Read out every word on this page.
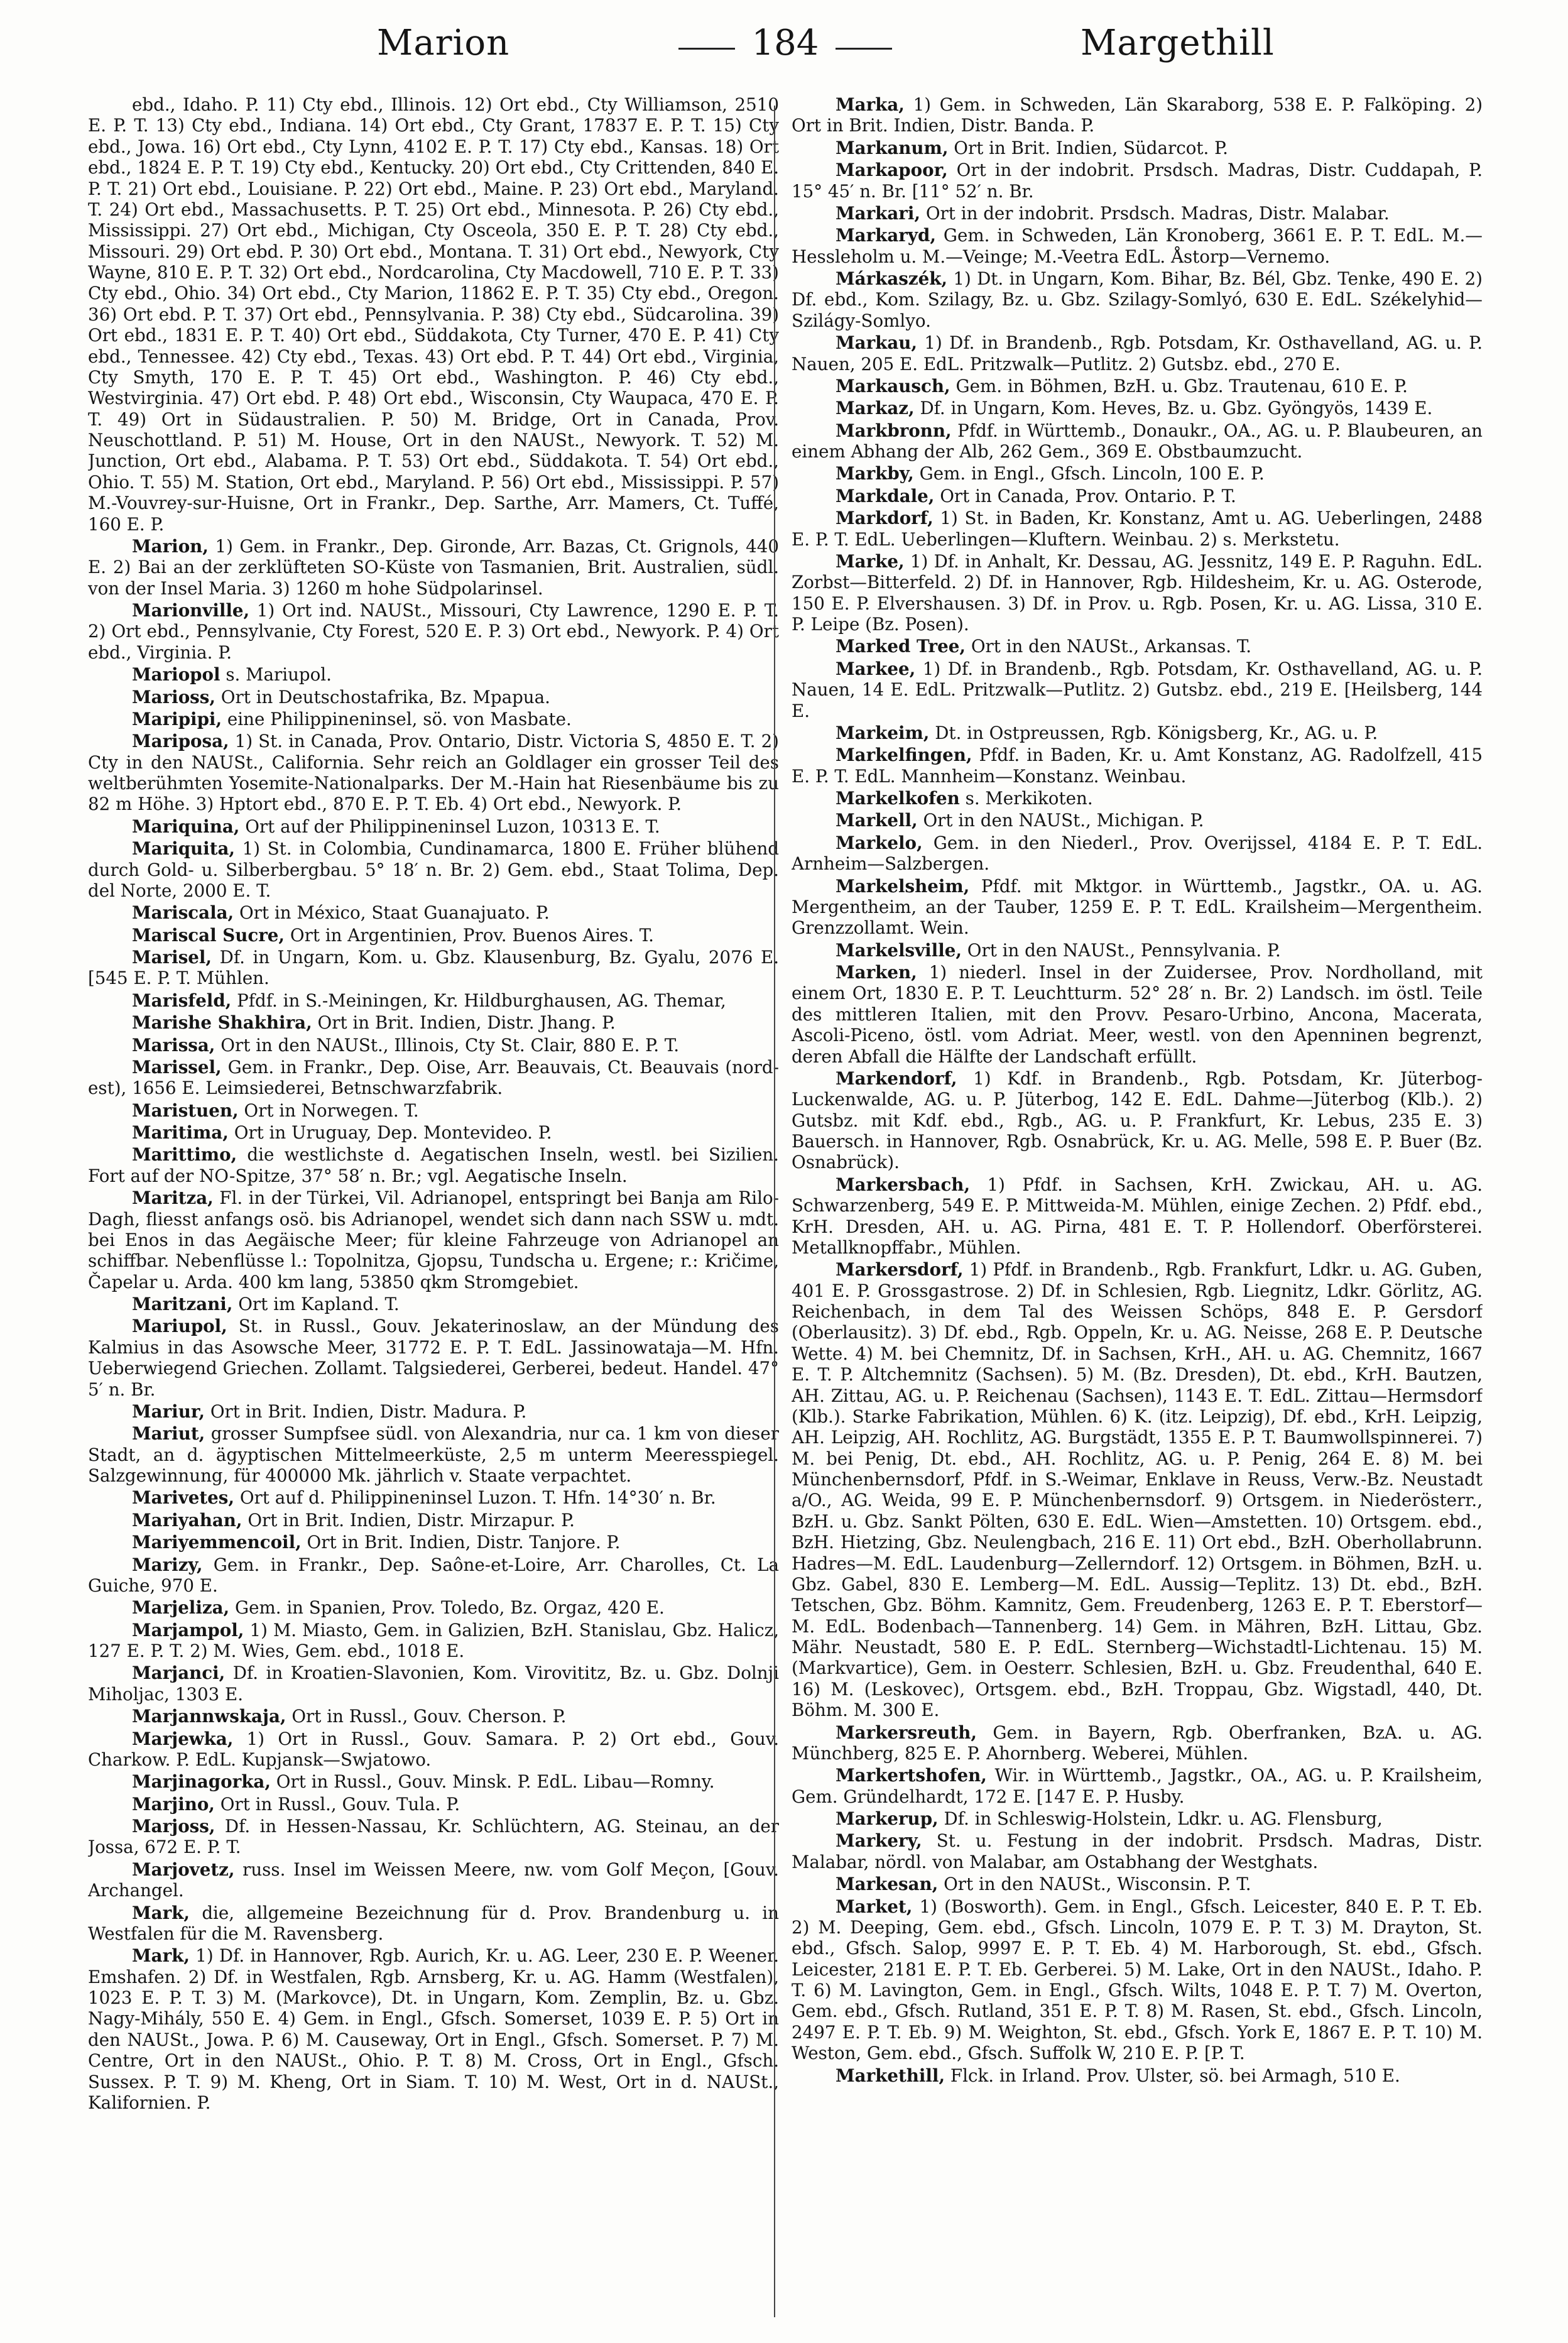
Marion	184	Margethill

ebd., Idaho. P. 11) Cty ebd., Illinois. 12) Ort ebd., Cty Williamson, 2510 E. P. T. 13) Cty ebd., Indiana. 14) Ort ebd., Cty Grant, 17837 E. P. T. 15) Cty ebd., Jowa. 16) Ort ebd., Cty Lynn, 4102 E. P. T. 17) Cty ebd., Kansas. 18) Ort ebd., 1824 E. P. T. 19) Cty ebd., Kentucky. 20) Ort ebd., Cty Crittenden, 840 E. P. T. 21) Ort ebd., Louisiane. P. 22) Ort ebd., Maine. P. 23) Ort ebd., Maryland. T. 24) Ort ebd., Massachusetts. P. T. 25) Ort ebd., Minnesota. P. 26) Cty ebd., Mississippi. 27) Ort ebd., Michigan, Cty Osceola, 350 E. P. T. 28) Cty ebd., Missouri. 29) Ort ebd. P. 30) Ort ebd., Montana. T. 31) Ort ebd., Newyork, Cty Wayne, 810 E. P. T. 32) Ort ebd., Nordcarolina, Cty Macdowell, 710 E. P. T. 33) Cty ebd., Ohio. 34) Ort ebd., Cty Marion, 11862 E. P. T. 35) Cty ebd., Oregon. 36) Ort ebd. P. T. 37) Ort ebd., Pennsylvania. P. 38) Cty ebd., Südcarolina. 39) Ort ebd., 1831 E. P. T. 40) Ort ebd., Süddakota, Cty Turner, 470 E. P. 41) Cty ebd., Tennessee. 42) Cty ebd., Texas. 43) Ort ebd. P. T. 44) Ort ebd., Virginia, Cty Smyth, 170 E. P. T. 45) Ort ebd., Washington. P. 46) Cty ebd., Westvirginia. 47) Ort ebd. P. 48) Ort ebd., Wisconsin, Cty Waupaca, 470 E. P. T. 49) Ort in Südaustralien. P. 50) M. Bridge, Ort in Canada, Prov. Neuschottland. P. 51) M. House, Ort in den NAUSt., Newyork. T. 52) M. Junction, Ort ebd., Alabama. P. T. 53) Ort ebd., Süddakota. T. 54) Ort ebd., Ohio. T. 55) M. Station, Ort ebd., Maryland. P. 56) Ort ebd., Mississippi. P. 57) M.-Vouvrey-sur-Huisne, Ort in Frankr., Dep. Sarthe, Arr. Mamers, Ct. Tuffé, 160 E. P.

Marion, 1) Gem. in Frankr., Dep. Gironde, Arr. Bazas, Ct. Grignols, 440 E. 2) Bai an der zerklüfteten SO-Küste von Tasmanien, Brit. Australien, südl. von der Insel Maria. 3) 1260 m hohe Südpolarinsel.

Marionville, 1) Ort ind. NAUSt., Missouri, Cty Lawrence, 1290 E. P. T. 2) Ort ebd., Pennsylvanie, Cty Forest, 520 E. P. 3) Ort ebd., Newyork. P. 4) Ort ebd., Virginia. P.

Mariopol s. Mariupol.

Marioss, Ort in Deutschostafrika, Bz. Mpapua.

Maripipi, eine Philippineninsel, sö. von Masbate.

Mariposa, 1) St. in Canada, Prov. Ontario, Distr. Victoria S, 4850 E. T. 2) Cty in den NAUSt., California. Sehr reich an Goldlager ein grosser Teil des weltberühmten Yosemite-Nationalparks. Der M.-Hain hat Riesenbäume bis zu 82 m Höhe. 3) Hptort ebd., 870 E. P. T. Eb. 4) Ort ebd., Newyork. P.

Mariquina, Ort auf der Philippineninsel Luzon, 10313 E. T.

Mariquita, 1) St. in Colombia, Cundinamarca, 1800 E. Früher blühend durch Gold- u. Silberbergbau. 5° 18′ n. Br. 2) Gem. ebd., Staat Tolima, Dep. del Norte, 2000 E. T.

Mariscala, Ort in México, Staat Guanajuato. P.

Mariscal Sucre, Ort in Argentinien, Prov. Buenos Aires. T.

Marisel, Df. in Ungarn, Kom. u. Gbz. Klausenburg, Bz. Gyalu, 2076 E. [545 E. P. T. Mühlen.

Marisfeld, Pfdf. in S.-Meiningen, Kr. Hildburghausen, AG. Themar,

Marishe Shakhira, Ort in Brit. Indien, Distr. Jhang. P.

Marissa, Ort in den NAUSt., Illinois, Cty St. Clair, 880 E. P. T.

Marissel, Gem. in Frankr., Dep. Oise, Arr. Beauvais, Ct. Beauvais (nord-est), 1656 E. Leimsiederei, Betnschwarzfabrik.

Maristuen, Ort in Norwegen. T.

Maritima, Ort in Uruguay, Dep. Montevideo. P.

Marittimo, die westlichste d. Aegatischen Inseln, westl. bei Sizilien. Fort auf der NO-Spitze, 37° 58′ n. Br.; vgl. Aegatische Inseln.

Maritza, Fl. in der Türkei, Vil. Adrianopel, entspringt bei Banja am Rilo-Dagh, fliesst anfangs osö. bis Adrianopel, wendet sich dann nach SSW u. mdt. bei Enos in das Aegäische Meer; für kleine Fahrzeuge von Adrianopel an schiffbar. Nebenflüsse l.: Topolnitza, Gjopsu, Tundscha u. Ergene; r.: Kričime, Čapelar u. Arda. 400 km lang, 53850 qkm Stromgebiet.

Maritzani, Ort im Kapland. T.

Mariupol, St. in Russl., Gouv. Jekaterinoslaw, an der Mündung des Kalmius in das Asowsche Meer, 31772 E. P. T. EdL. Jassinowataja—M. Hfn. Ueberwiegend Griechen. Zollamt. Talgsiederei, Gerberei, bedeut. Handel. 47° 5′ n. Br.

Mariur, Ort in Brit. Indien, Distr. Madura. P.

Mariut, grosser Sumpfsee südl. von Alexandria, nur ca. 1 km von dieser Stadt, an d. ägyptischen Mittelmeerküste, 2,5 m unterm Meeresspiegel. Salzgewinnung, für 400000 Mk. jährlich v. Staate verpachtet.

Marivetes, Ort auf d. Philippineninsel Luzon. T. Hfn. 14°30′ n. Br.

Mariyahan, Ort in Brit. Indien, Distr. Mirzapur. P.

Mariyemmencoil, Ort in Brit. Indien, Distr. Tanjore. P.

Marizy, Gem. in Frankr., Dep. Saône-et-Loire, Arr. Charolles, Ct. La Guiche, 970 E.

Marjeliza, Gem. in Spanien, Prov. Toledo, Bz. Orgaz, 420 E.

Marjampol, 1) M. Miasto, Gem. in Galizien, BzH. Stanislau, Gbz. Halicz, 127 E. P. T. 2) M. Wies, Gem. ebd., 1018 E.

Marjanci, Df. in Kroatien-Slavonien, Kom. Virovititz, Bz. u. Gbz. Dolnji Miholjac, 1303 E.

Marjannwskaja, Ort in Russl., Gouv. Cherson. P.

Marjewka, 1) Ort in Russl., Gouv. Samara. P. 2) Ort ebd., Gouv. Charkow. P. EdL. Kupjansk—Swjatowo.

Marjinagorka, Ort in Russl., Gouv. Minsk. P. EdL. Libau—Romny.

Marjino, Ort in Russl., Gouv. Tula. P.

Marjoss, Df. in Hessen-Nassau, Kr. Schlüchtern, AG. Steinau, an der Jossa, 672 E. P. T.

Marjovetz, russ. Insel im Weissen Meere, nw. vom Golf Meçon, [Gouv. Archangel.

Mark, die, allgemeine Bezeichnung für d. Prov. Brandenburg u. in Westfalen für die M. Ravensberg.

Mark, 1) Df. in Hannover, Rgb. Aurich, Kr. u. AG. Leer, 230 E. P. Weener. Emshafen. 2) Df. in Westfalen, Rgb. Arnsberg, Kr. u. AG. Hamm (Westfalen), 1023 E. P. T. 3) M. (Markovce), Dt. in Ungarn, Kom. Zemplin, Bz. u. Gbz. Nagy-Mihály, 550 E. 4) Gem. in Engl., Gfsch. Somerset, 1039 E. P. 5) Ort in den NAUSt., Jowa. P. 6) M. Causeway, Ort in Engl., Gfsch. Somerset. P. 7) M. Centre, Ort in den NAUSt., Ohio. P. T. 8) M. Cross, Ort in Engl., Gfsch. Sussex. P. T. 9) M. Kheng, Ort in Siam. T. 10) M. West, Ort in d. NAUSt., Kalifornien. P.

Marka, 1) Gem. in Schweden, Län Skaraborg, 538 E. P. Falköping. 2) Ort in Brit. Indien, Distr. Banda. P.

Markanum, Ort in Brit. Indien, Südarcot. P.

Markapoor, Ort in der indobrit. Prsdsch. Madras, Distr. Cuddapah, P. 15° 45′ n. Br. [11° 52′ n. Br.

Markari, Ort in der indobrit. Prsdsch. Madras, Distr. Malabar.

Markaryd, Gem. in Schweden, Län Kronoberg, 3661 E. P. T. EdL. M.—Hessleholm u. M.—Veinge; M.-Veetra EdL. Åstorp—Vernemo.

Márkaszék, 1) Dt. in Ungarn, Kom. Bihar, Bz. Bél, Gbz. Tenke, 490 E. 2) Df. ebd., Kom. Szilagy, Bz. u. Gbz. Szilagy-Somlyó, 630 E. EdL. Székelyhid—Szilágy-Somlyo.

Markau, 1) Df. in Brandenb., Rgb. Potsdam, Kr. Osthavelland, AG. u. P. Nauen, 205 E. EdL. Pritzwalk—Putlitz. 2) Gutsbz. ebd., 270 E.

Markausch, Gem. in Böhmen, BzH. u. Gbz. Trautenau, 610 E. P.

Markaz, Df. in Ungarn, Kom. Heves, Bz. u. Gbz. Gyöngyös, 1439 E.

Markbronn, Pfdf. in Württemb., Donaukr., OA., AG. u. P. Blaubeuren, an einem Abhang der Alb, 262 Gem., 369 E. Obstbaumzucht.

Markby, Gem. in Engl., Gfsch. Lincoln, 100 E. P.

Markdale, Ort in Canada, Prov. Ontario. P. T.

Markdorf, 1) St. in Baden, Kr. Konstanz, Amt u. AG. Ueberlingen, 2488 E. P. T. EdL. Ueberlingen—Kluftern. Weinbau. 2) s. Merkstetu.

Marke, 1) Df. in Anhalt, Kr. Dessau, AG. Jessnitz, 149 E. P. Raguhn. EdL. Zorbst—Bitterfeld. 2) Df. in Hannover, Rgb. Hildesheim, Kr. u. AG. Osterode, 150 E. P. Elvershausen. 3) Df. in Prov. u. Rgb. Posen, Kr. u. AG. Lissa, 310 E. P. Leipe (Bz. Posen).

Marked Tree, Ort in den NAUSt., Arkansas. T.

Markee, 1) Df. in Brandenb., Rgb. Potsdam, Kr. Osthavelland, AG. u. P. Nauen, 14 E. EdL. Pritzwalk—Putlitz. 2) Gutsbz. ebd., 219 E. [Heilsberg, 144 E.

Markeim, Dt. in Ostpreussen, Rgb. Königsberg, Kr., AG. u. P.

Markelfingen, Pfdf. in Baden, Kr. u. Amt Konstanz, AG. Radolfzell, 415 E. P. T. EdL. Mannheim—Konstanz. Weinbau.

Markelkofen s. Merkikoten.

Markell, Ort in den NAUSt., Michigan. P.

Markelo, Gem. in den Niederl., Prov. Overijssel, 4184 E. P. T. EdL. Arnheim—Salzbergen.

Markelsheim, Pfdf. mit Mktgor. in Württemb., Jagstkr., OA. u. AG. Mergentheim, an der Tauber, 1259 E. P. T. EdL. Krailsheim—Mergentheim. Grenzzollamt. Wein.

Markelsville, Ort in den NAUSt., Pennsylvania. P.

Marken, 1) niederl. Insel in der Zuidersee, Prov. Nordholland, mit einem Ort, 1830 E. P. T. Leuchtturm. 52° 28′ n. Br. 2) Landsch. im östl. Teile des mittleren Italien, mit den Provv. Pesaro-Urbino, Ancona, Macerata, Ascoli-Piceno, östl. vom Adriat. Meer, westl. von den Apenninen begrenzt, deren Abfall die Hälfte der Landschaft erfüllt.

Markendorf, 1) Kdf. in Brandenb., Rgb. Potsdam, Kr. Jüterbog-Luckenwalde, AG. u. P. Jüterbog, 142 E. EdL. Dahme—Jüterbog (Klb.). 2) Gutsbz. mit Kdf. ebd., Rgb., AG. u. P. Frankfurt, Kr. Lebus, 235 E. 3) Bauersch. in Hannover, Rgb. Osnabrück, Kr. u. AG. Melle, 598 E. P. Buer (Bz. Osnabrück).

Markersbach, 1) Pfdf. in Sachsen, KrH. Zwickau, AH. u. AG. Schwarzenberg, 549 E. P. Mittweida-M. Mühlen, einige Zechen. 2) Pfdf. ebd., KrH. Dresden, AH. u. AG. Pirna, 481 E. T. P. Hollendorf. Oberförsterei. Metallknopffabr., Mühlen.

Markersdorf, 1) Pfdf. in Brandenb., Rgb. Frankfurt, Ldkr. u. AG. Guben, 401 E. P. Grossgastrose. 2) Df. in Schlesien, Rgb. Liegnitz, Ldkr. Görlitz, AG. Reichenbach, in dem Tal des Weissen Schöps, 848 E. P. Gersdorf (Oberlausitz). 3) Df. ebd., Rgb. Oppeln, Kr. u. AG. Neisse, 268 E. P. Deutsche Wette. 4) M. bei Chemnitz, Df. in Sachsen, KrH., AH. u. AG. Chemnitz, 1667 E. T. P. Altchemnitz (Sachsen). 5) M. (Bz. Dresden), Dt. ebd., KrH. Bautzen, AH. Zittau, AG. u. P. Reichenau (Sachsen), 1143 E. T. EdL. Zittau—Hermsdorf (Klb.). Starke Fabrikation, Mühlen. 6) K. (itz. Leipzig), Df. ebd., KrH. Leipzig, AH. Leipzig, AH. Rochlitz, AG. Burgstädt, 1355 E. P. T. Baumwollspinnerei. 7) M. bei Penig, Dt. ebd., AH. Rochlitz, AG. u. P. Penig, 264 E. 8) M. bei Münchenbernsdorf, Pfdf. in S.-Weimar, Enklave in Reuss, Verw.-Bz. Neustadt a/O., AG. Weida, 99 E. P. Münchenbernsdorf. 9) Ortsgem. in Niederösterr., BzH. u. Gbz. Sankt Pölten, 630 E. EdL. Wien—Amstetten. 10) Ortsgem. ebd., BzH. Hietzing, Gbz. Neulengbach, 216 E. 11) Ort ebd., BzH. Oberhollabrunn. Hadres—M. EdL. Laudenburg—Zellerndorf. 12) Ortsgem. in Böhmen, BzH. u. Gbz. Gabel, 830 E. Lemberg—M. EdL. Aussig—Teplitz. 13) Dt. ebd., BzH. Tetschen, Gbz. Böhm. Kamnitz, Gem. Freudenberg, 1263 E. P. T. Eberstorf—M. EdL. Bodenbach—Tannenberg. 14) Gem. in Mähren, BzH. Littau, Gbz. Mähr. Neustadt, 580 E. P. EdL. Sternberg—Wichstadtl-Lichtenau. 15) M. (Markvartice), Gem. in Oesterr. Schlesien, BzH. u. Gbz. Freudenthal, 640 E. 16) M. (Leskovec), Ortsgem. ebd., BzH. Troppau, Gbz. Wigstadl, 440, Dt. Böhm. M. 300 E.

Markersreuth, Gem. in Bayern, Rgb. Oberfranken, BzA. u. AG. Münchberg, 825 E. P. Ahornberg. Weberei, Mühlen.

Markertshofen, Wir. in Württemb., Jagstkr., OA., AG. u. P. Krailsheim, Gem. Gründelhardt, 172 E. [147 E. P. Husby.

Markerup, Df. in Schleswig-Holstein, Ldkr. u. AG. Flensburg,

Markery, St. u. Festung in der indobrit. Prsdsch. Madras, Distr. Malabar, nördl. von Malabar, am Ostabhang der Westghats.

Markesan, Ort in den NAUSt., Wisconsin. P. T.

Market, 1) (Bosworth). Gem. in Engl., Gfsch. Leicester, 840 E. P. T. Eb. 2) M. Deeping, Gem. ebd., Gfsch. Lincoln, 1079 E. P. T. 3) M. Drayton, St. ebd., Gfsch. Salop, 9997 E. P. T. Eb. 4) M. Harborough, St. ebd., Gfsch. Leicester, 2181 E. P. T. Eb. Gerberei. 5) M. Lake, Ort in den NAUSt., Idaho. P. T. 6) M. Lavington, Gem. in Engl., Gfsch. Wilts, 1048 E. P. T. 7) M. Overton, Gem. ebd., Gfsch. Rutland, 351 E. P. T. 8) M. Rasen, St. ebd., Gfsch. Lincoln, 2497 E. P. T. Eb. 9) M. Weighton, St. ebd., Gfsch. York E, 1867 E. P. T. 10) M. Weston, Gem. ebd., Gfsch. Suffolk W, 210 E. P. [P. T.

Markethill, Flck. in Irland. Prov. Ulster, sö. bei Armagh, 510 E.
